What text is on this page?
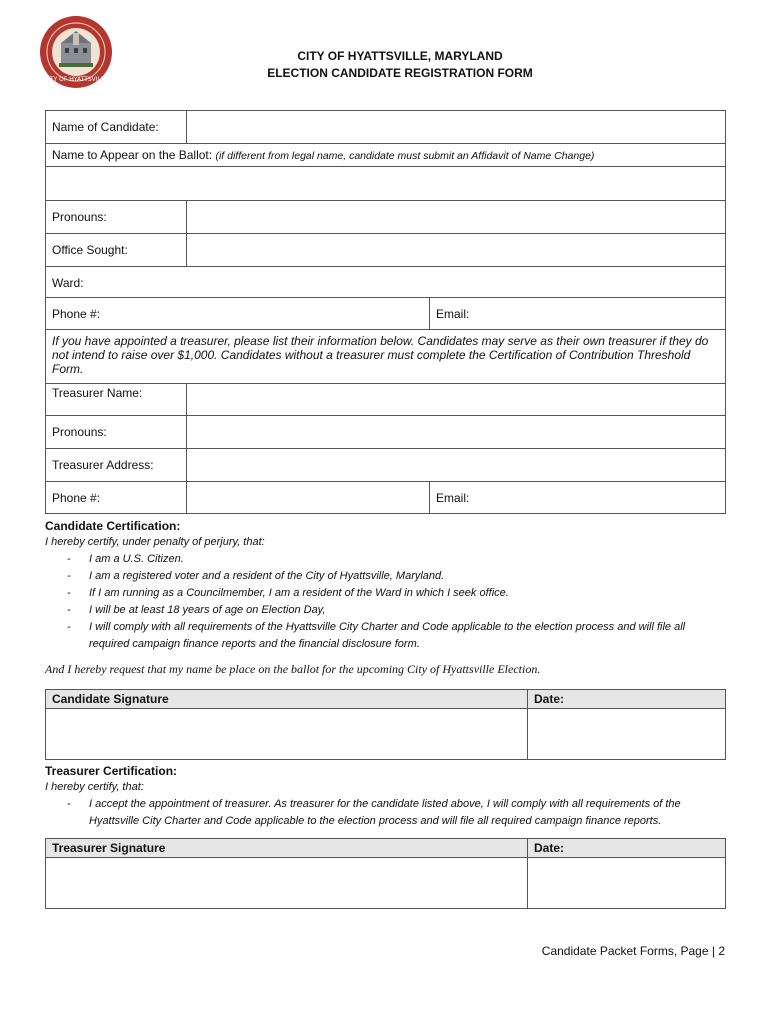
CITY OF HYATTSVILLE
CITY OF HYATTSVILLE, MARYLAND
ELECTION CANDIDATE REGISTRATION FORM
Name of Candidate:		
Name to Appear on the Ballot: (if different from legal name, candidate must submit an Affidavit of Name Change)		

Pronouns:		
Office Sought:		
Ward:		
Phone #:		Email:
If you have appointed a treasurer, please list their information below. Candidates may serve as their own treasurer if they do not intend to raise over $1,000. Candidates without a treasurer must complete the Certification of Contribution Threshold Form.		
Treasurer Name:		
Pronouns:		
Treasurer Address:		
Phone #:		Email:
Candidate Certification:
I hereby certify, under penalty of perjury, that:
- I am a U.S. Citizen.
- I am a registered voter and a resident of the City of Hyattsville, Maryland.
- If I am running as a Councilmember, I am a resident of the Ward in which I seek office.
- I will be at least 18 years of age on Election Day,
- I will comply with all requirements of the Hyattsville City Charter and Code applicable to the election process and will file all required campaign finance reports and the financial disclosure form.
And I hereby request that my name be place on the ballot for the upcoming City of Hyattsville Election.
Candidate Signature	Date:

Treasurer Certification:
I hereby certify, that:
- I accept the appointment of treasurer. As treasurer for the candidate listed above, I will comply with all requirements of the Hyattsville City Charter and Code applicable to the election process and will file all required campaign finance reports.
Treasurer Signature	Date:

Candidate Packet Forms, Page | 2
